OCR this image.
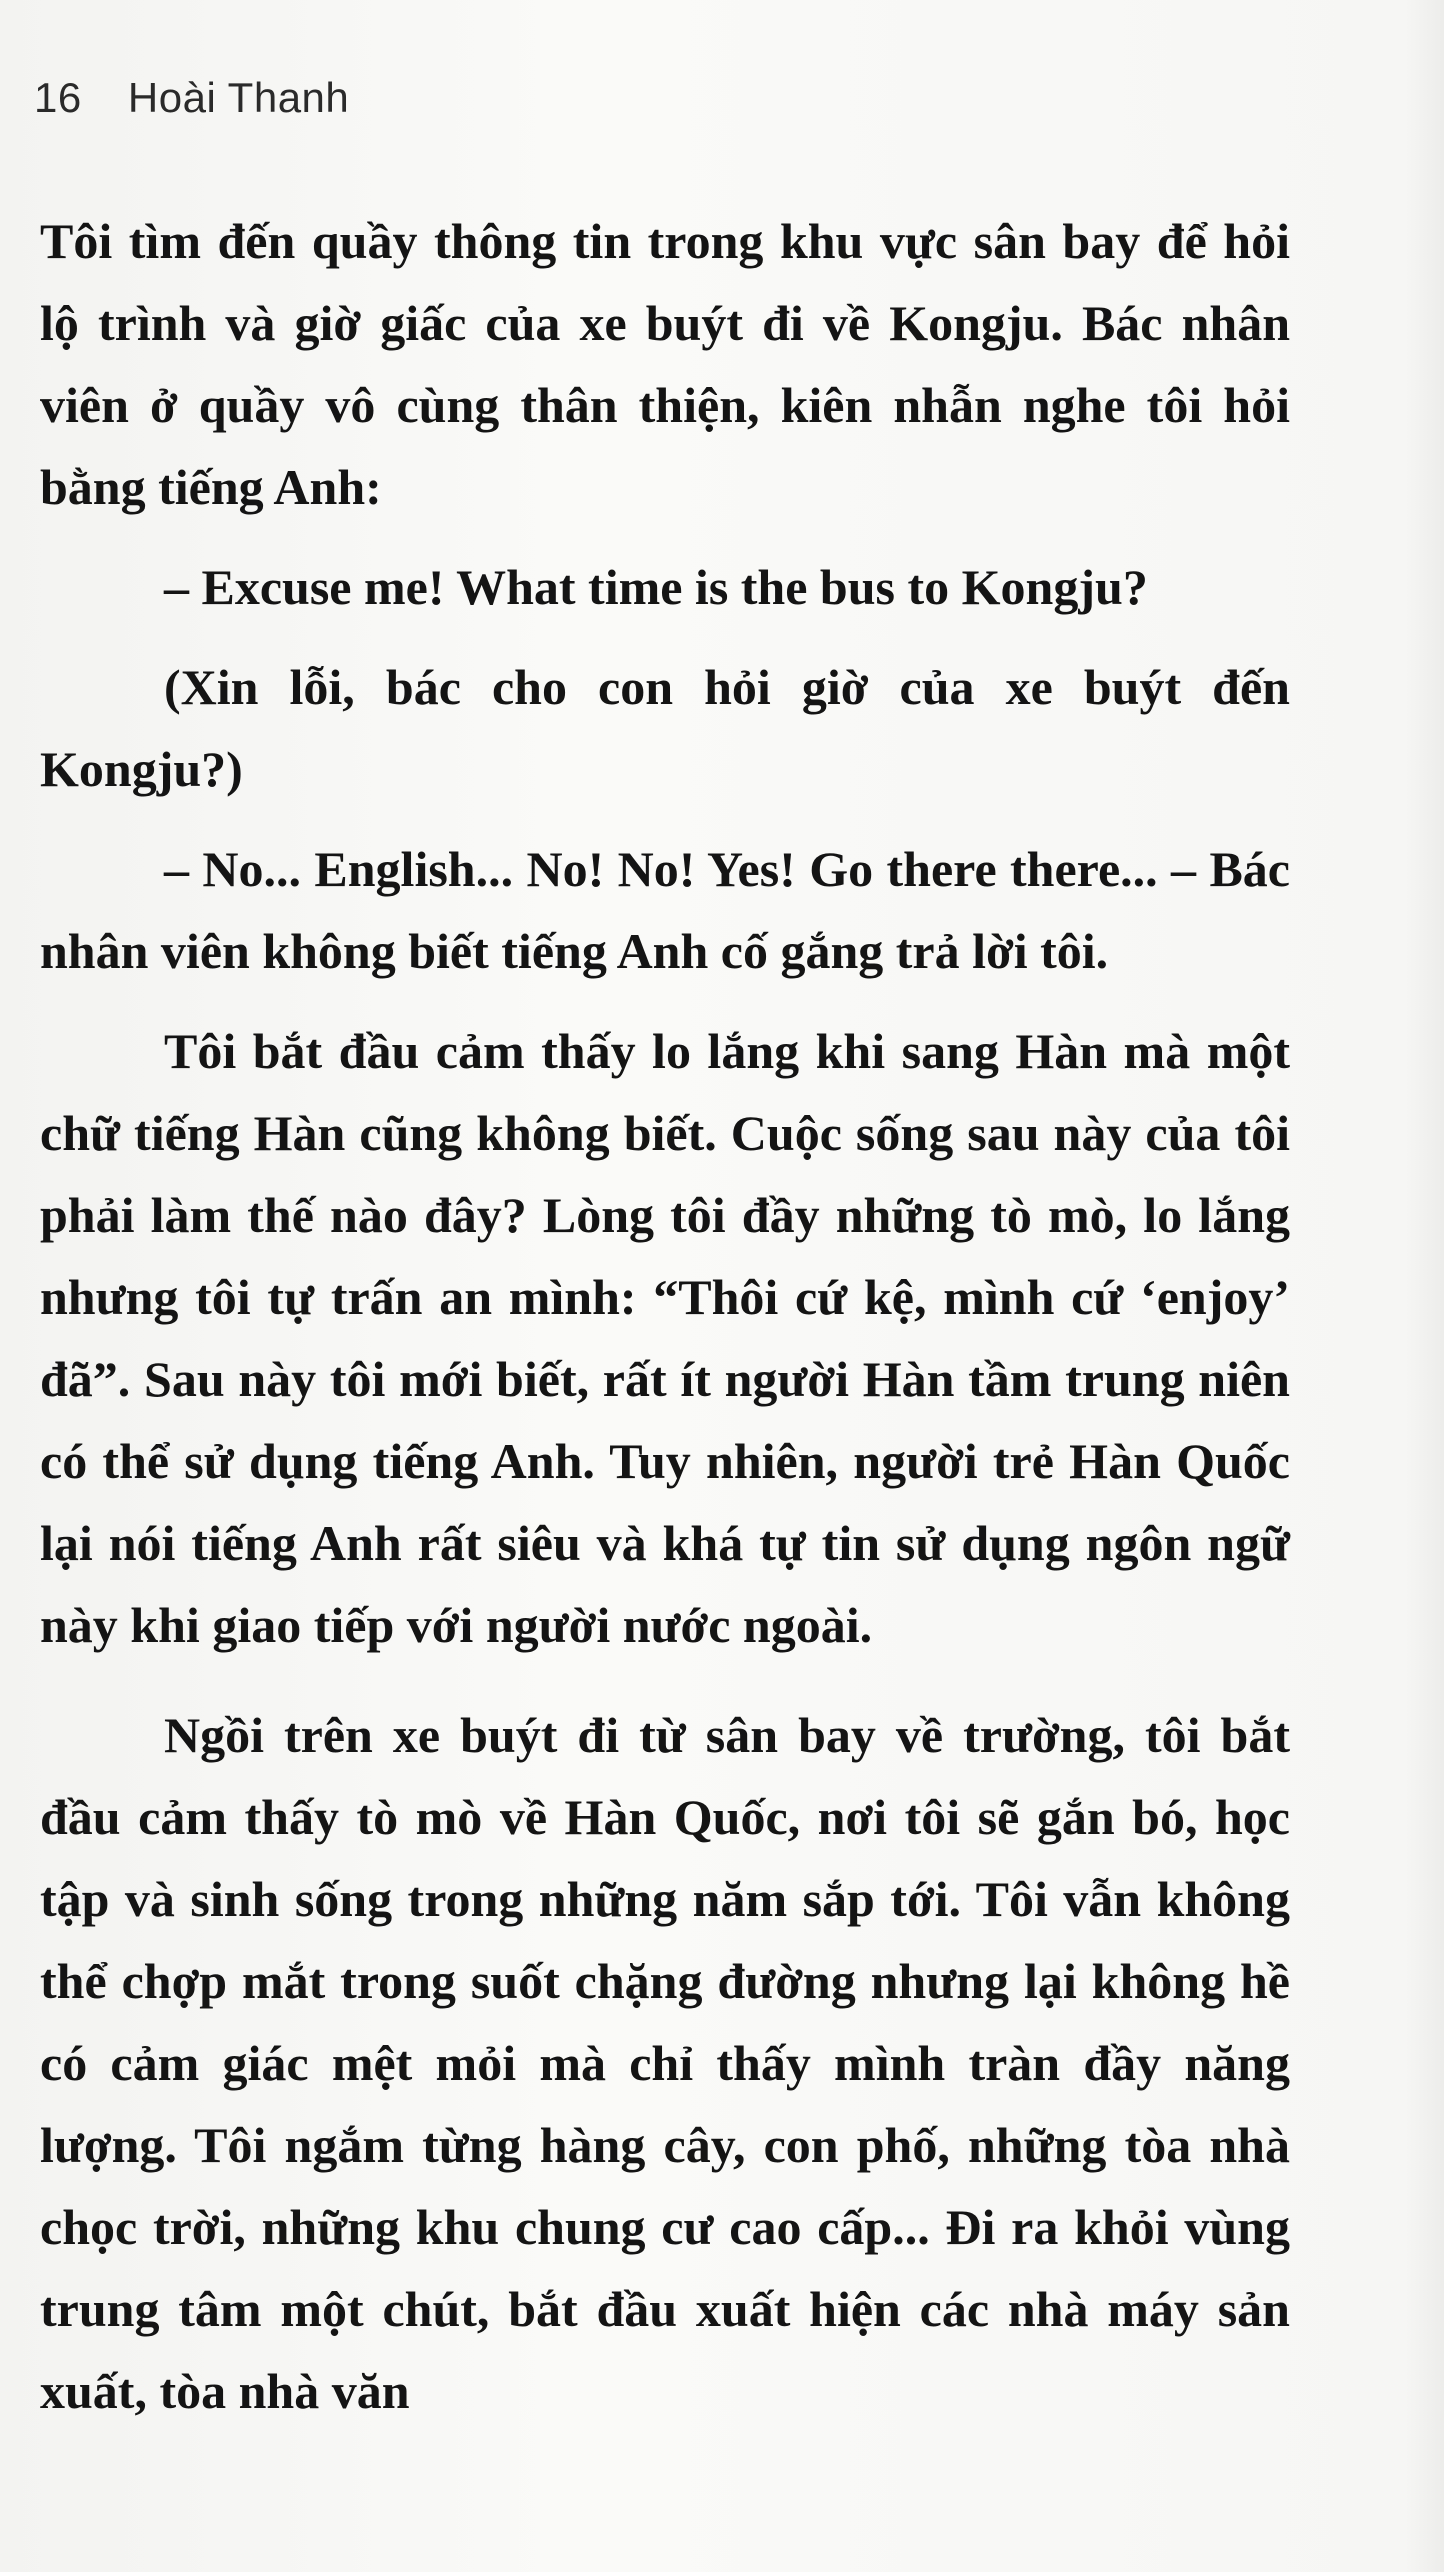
16 Hoài Thanh

Tôi tìm đến quầy thông tin trong khu vực sân bay để hỏi lộ trình và giờ giấc của xe buýt đi về Kongju. Bác nhân viên ở quầy vô cùng thân thiện, kiên nhẫn nghe tôi hỏi bằng tiếng Anh:

– Excuse me! What time is the bus to Kongju?

(Xin lỗi, bác cho con hỏi giờ của xe buýt đến Kongju?)

– No... English... No! No! Yes! Go there there... – Bác nhân viên không biết tiếng Anh cố gắng trả lời tôi.

Tôi bắt đầu cảm thấy lo lắng khi sang Hàn mà một chữ tiếng Hàn cũng không biết. Cuộc sống sau này của tôi phải làm thế nào đây? Lòng tôi đầy những tò mò, lo lắng nhưng tôi tự trấn an mình: “Thôi cứ kệ, mình cứ ‘enjoy’ đã”. Sau này tôi mới biết, rất ít người Hàn tầm trung niên có thể sử dụng tiếng Anh. Tuy nhiên, người trẻ Hàn Quốc lại nói tiếng Anh rất siêu và khá tự tin sử dụng ngôn ngữ này khi giao tiếp với người nước ngoài.

Ngồi trên xe buýt đi từ sân bay về trường, tôi bắt đầu cảm thấy tò mò về Hàn Quốc, nơi tôi sẽ gắn bó, học tập và sinh sống trong những năm sắp tới. Tôi vẫn không thể chợp mắt trong suốt chặng đường nhưng lại không hề có cảm giác mệt mỏi mà chỉ thấy mình tràn đầy năng lượng. Tôi ngắm từng hàng cây, con phố, những tòa nhà chọc trời, những khu chung cư cao cấp... Đi ra khỏi vùng trung tâm một chút, bắt đầu xuất hiện các nhà máy sản xuất, tòa nhà văn
